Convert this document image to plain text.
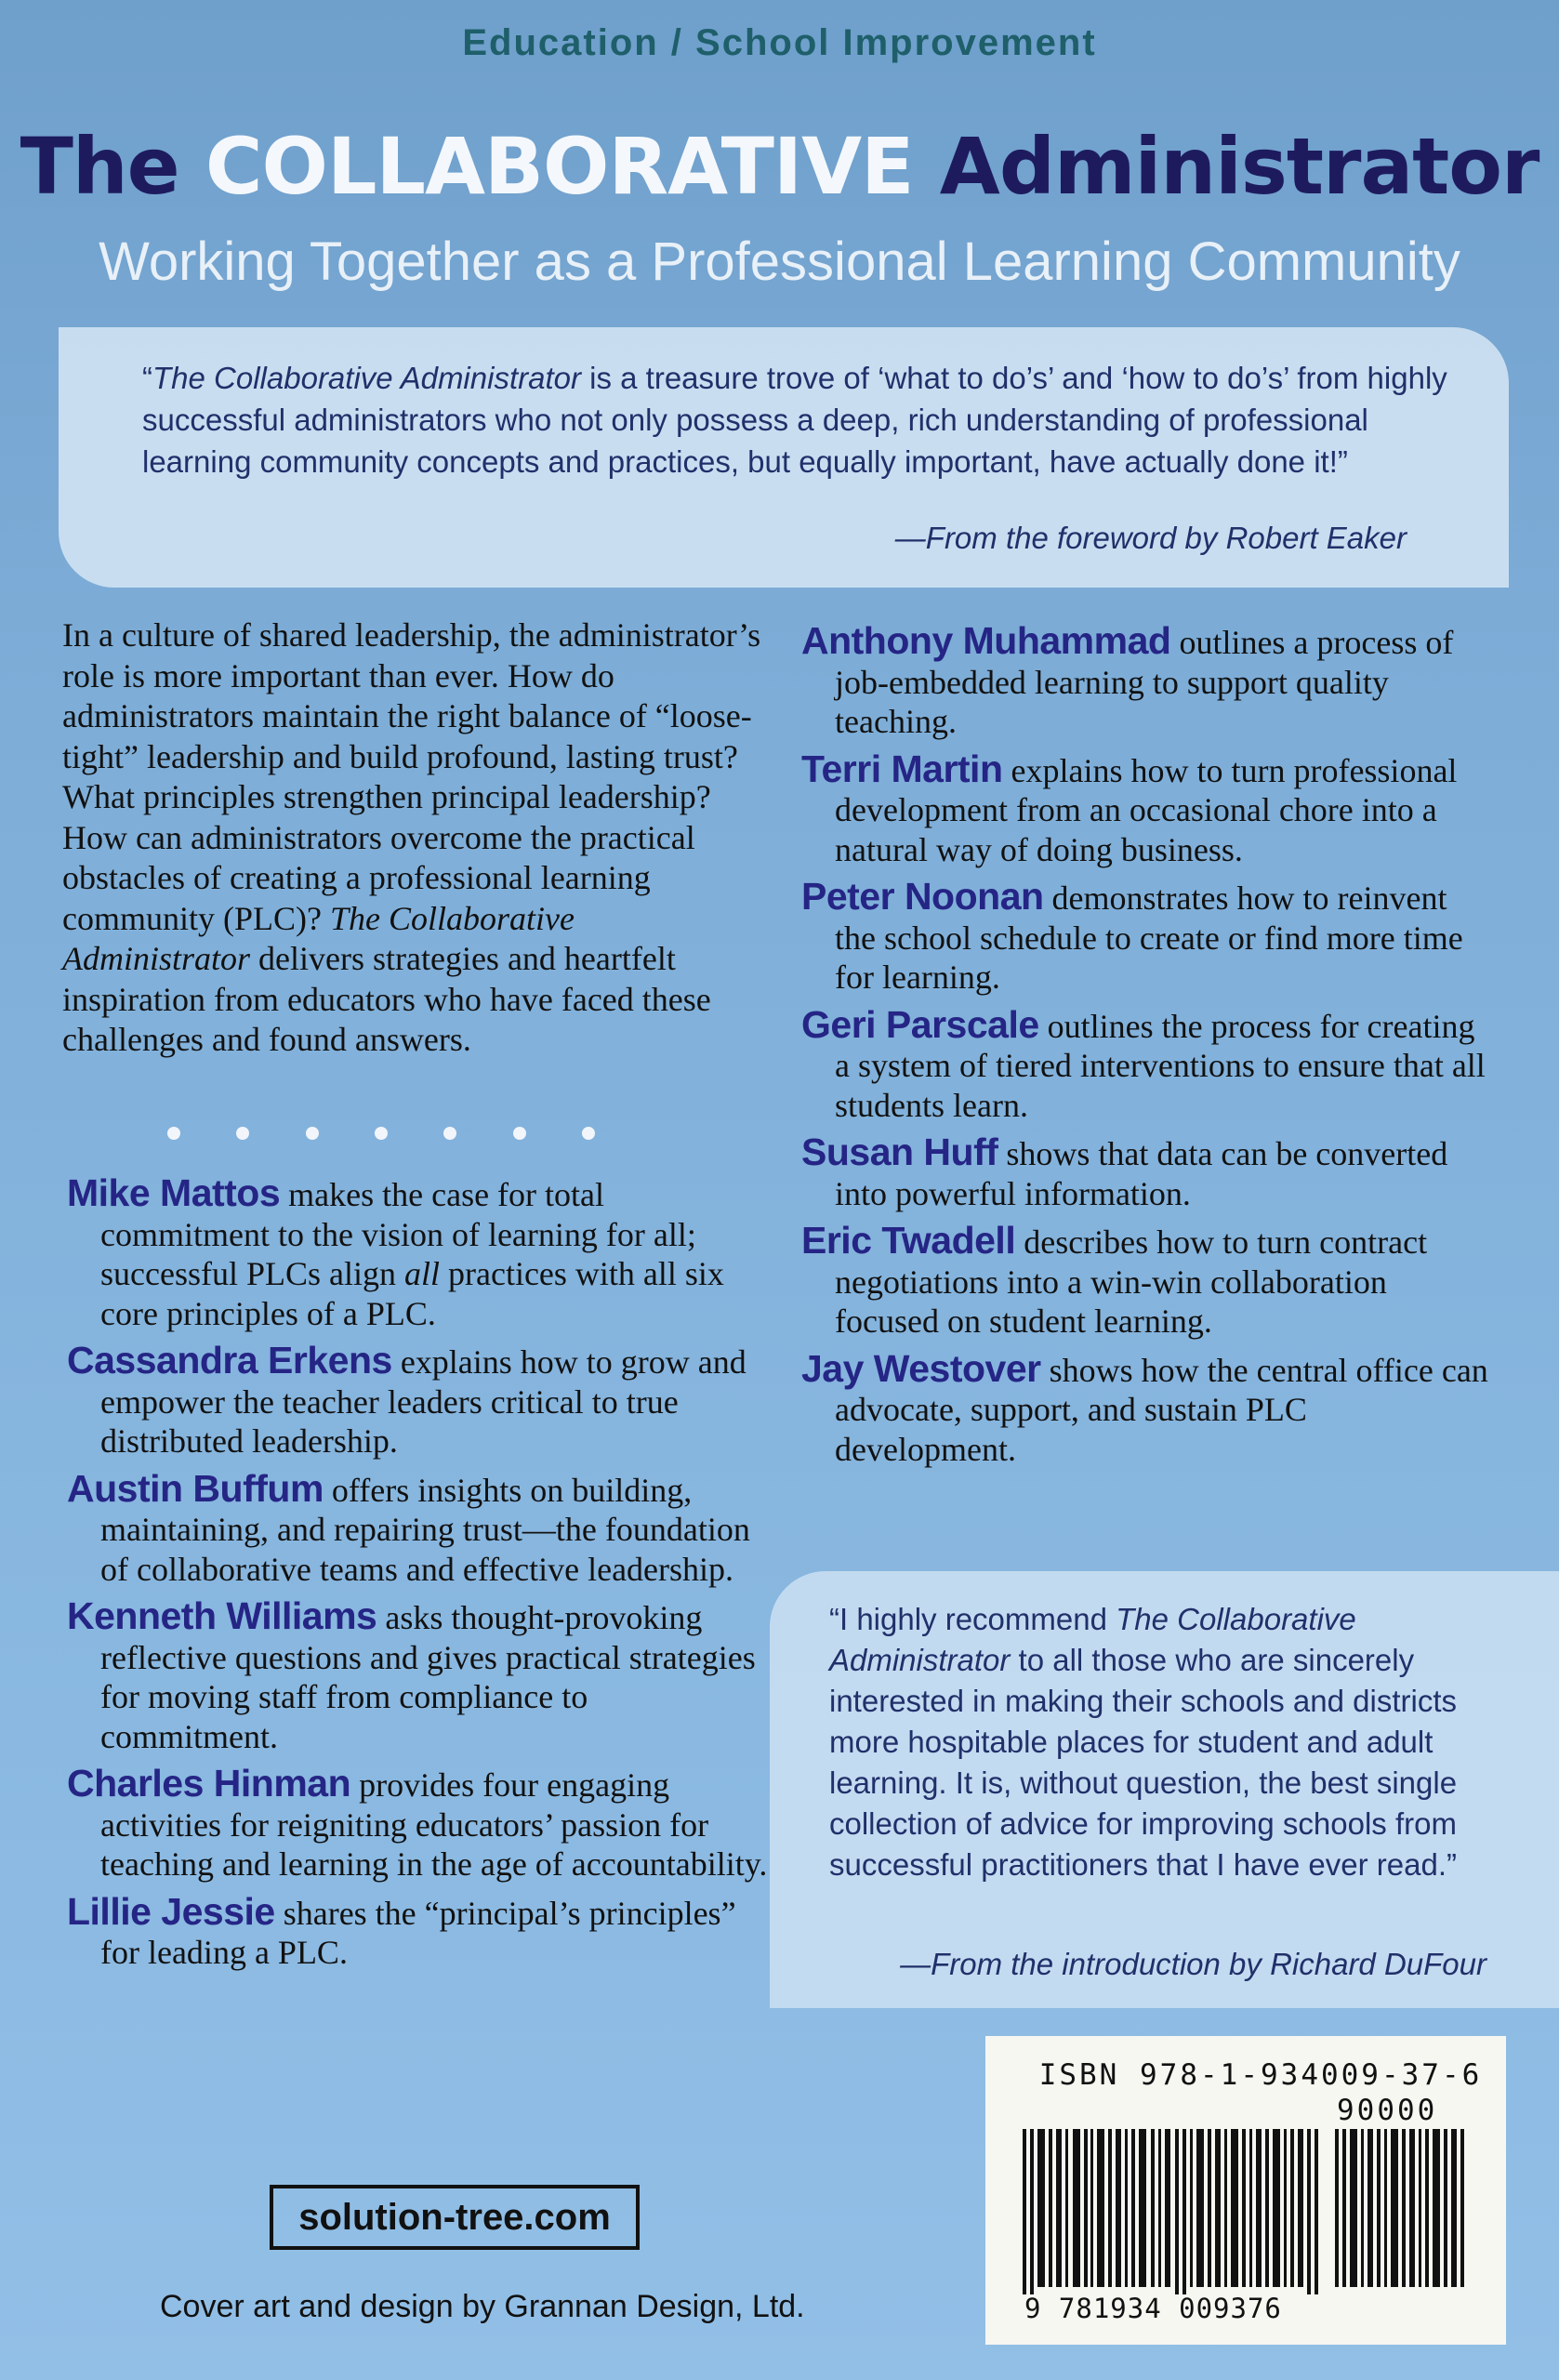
Education / School Improvement
The COLLABORATIVE Administrator
Working Together as a Professional Learning Community
“The Collaborative Administrator is a treasure trove of ‘what to do’s’ and ‘how to do’s’ from highly successful administrators who not only possess a deep, rich understanding of professional learning community concepts and practices, but equally important, have actually done it!”
—From the foreword by Robert Eaker
In a culture of shared leadership, the administrator’s role is more important than ever. How do administrators maintain the right balance of “loose-tight” leadership and build profound, lasting trust? What principles strengthen principal leadership? How can administrators overcome the practical obstacles of creating a professional learning community (PLC)? The Collaborative Administrator delivers strategies and heartfelt inspiration from educators who have faced these challenges and found answers.
Mike Mattos makes the case for total commitment to the vision of learning for all; successful PLCs align all practices with all six core principles of a PLC.
Cassandra Erkens explains how to grow and empower the teacher leaders critical to true distributed leadership.
Austin Buffum offers insights on building, maintaining, and repairing trust—the foundation of collaborative teams and effective leadership.
Kenneth Williams asks thought-provoking reflective questions and gives practical strategies for moving staff from compliance to commitment.
Charles Hinman provides four engaging activities for reigniting educators’ passion for teaching and learning in the age of accountability.
Lillie Jessie shares the “principal’s principles” for leading a PLC.
Anthony Muhammad outlines a process of job-embedded learning to support quality teaching.
Terri Martin explains how to turn professional development from an occasional chore into a natural way of doing business.
Peter Noonan demonstrates how to reinvent the school schedule to create or find more time for learning.
Geri Parscale outlines the process for creating a system of tiered interventions to ensure that all students learn.
Susan Huff shows that data can be converted into powerful information.
Eric Twadell describes how to turn contract negotiations into a win-win collaboration focused on student learning.
Jay Westover shows how the central office can advocate, support, and sustain PLC development.
“I highly recommend The Collaborative Administrator to all those who are sincerely interested in making their schools and districts more hospitable places for student and adult learning. It is, without question, the best single collection of advice for improving schools from successful practitioners that I have ever read.”
—From the introduction by Richard DuFour
solution-tree.com
Cover art and design by Grannan Design, Ltd.
ISBN 978-1-934009-37-6
90000
9 781934 009376
